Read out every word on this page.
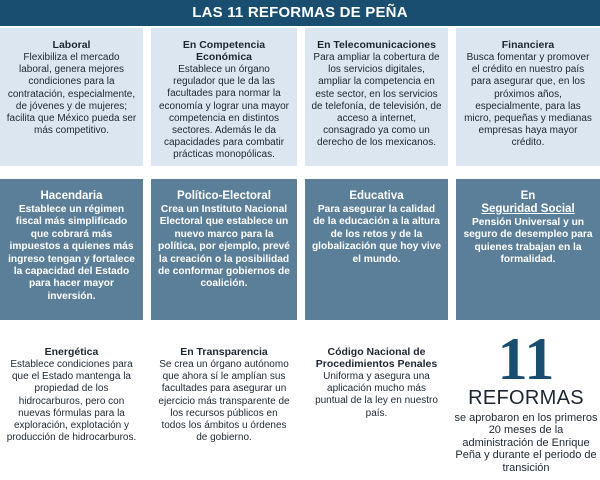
LAS 11 REFORMAS DE PEÑA
Laboral

Flexibiliza el mercado laboral, genera mejores condiciones para la contratación, especialmente, de jóvenes y de mujeres; facilita que México pueda ser más competitivo.

En Competencia Económica

Establece un órgano regulador que le da las facultades para normar la economía y lograr una mayor competencia en distintos sectores. Además le da capacidades para combatir prácticas monopólicas.

En Telecomunicaciones

Para ampliar la cobertura de los servicios digitales, ampliar la competencia en este sector, en los servicios de telefonía, de televisión, de acceso a internet, consagrado ya como un derecho de los mexicanos.

Financiera

Busca fomentar y promover el crédito en nuestro país para asegurar que, en los próximos años, especialmente, para las micro, pequeñas y medianas empresas haya mayor crédito.

Hacendaria

Establece un régimen fiscal más simplificado que cobrará más impuestos a quienes más ingreso tengan y fortalece la capacidad del Estado para hacer mayor inversión.

Político-Electoral

Crea un Instituto Nacional Electoral que establece un nuevo marco para la política, por ejemplo, prevé la creación o la posibilidad de conformar gobiernos de coalición.

Educativa

Para asegurar la calidad de la educación a la altura de los retos y de la globalización que hoy vive el mundo.

En
Seguridad Social

Pensión Universal y un seguro de desempleo para quienes trabajan en la formalidad.

Energética

Establece condiciones para que el Estado mantenga la propiedad de los hidrocarburos, pero con nuevas fórmulas para la exploración, explotación y producción de hidrocarburos.

En Transparencia

Se crea un órgano autónomo que ahora sí le amplían sus facultades para asegurar un ejercicio más transparente de los recursos públicos en todos los ámbitos u órdenes de gobierno.

Código Nacional de Procedimientos Penales

Uniforma y asegura una aplicación mucho más puntual de la ley en nuestro país.

11
REFORMAS
se aprobaron en los primeros 20 meses de la administración de Enrique Peña y durante el periodo de transición
